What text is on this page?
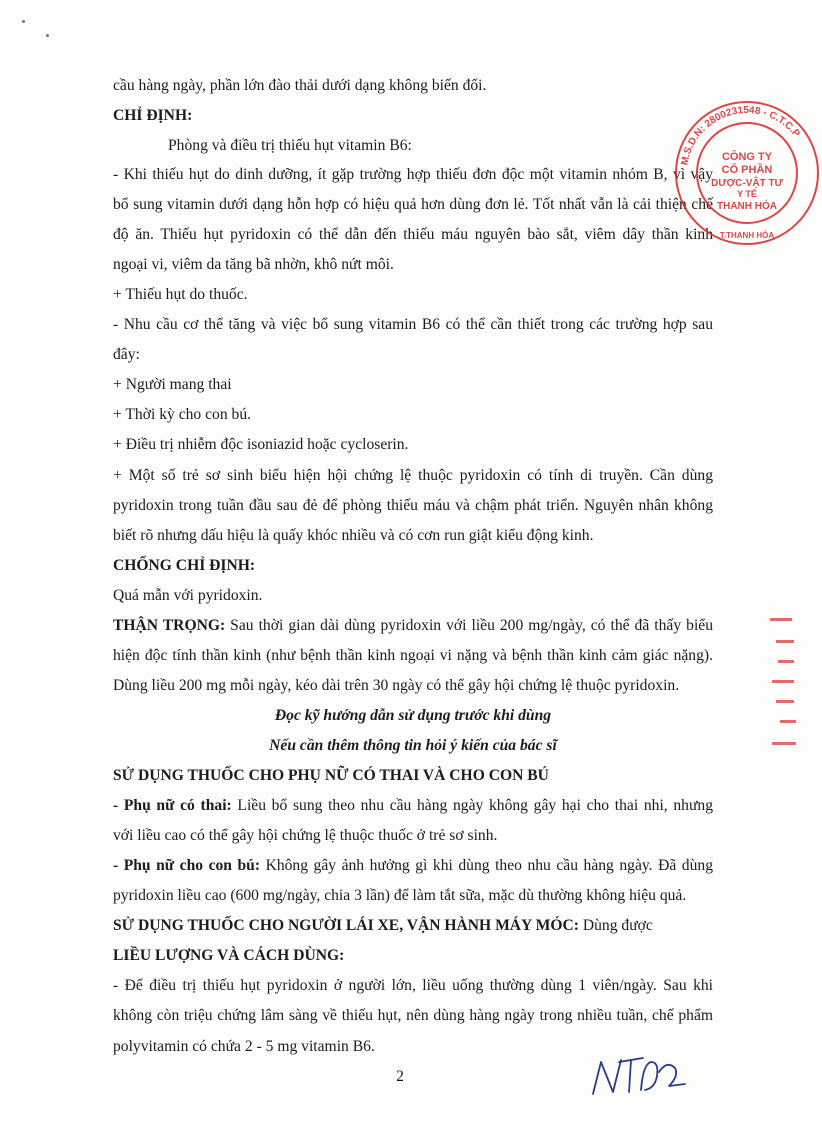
cầu hàng ngày, phần lớn đào thải dưới dạng không biến đổi.
CHỈ ĐỊNH:
Phòng và điều trị thiếu hụt vitamin B6:
- Khi thiếu hụt do dinh dưỡng, ít gặp trường hợp thiếu đơn độc một vitamin nhóm B, vì vậy
bổ sung vitamin dưới dạng hỗn hợp có hiệu quả hơn dùng đơn lẻ. Tốt nhất vẫn là cải thiện chế
độ ăn. Thiếu hụt pyridoxin có thể dẫn đến thiếu máu nguyên bào sắt, viêm dây thần kinh
ngoại vi, viêm da tăng bã nhờn, khô nứt môi.
+ Thiếu hụt do thuốc.
- Nhu cầu cơ thể tăng và việc bổ sung vitamin B6 có thể cần thiết trong các trường hợp sau
đây:
+ Người mang thai
+ Thời kỳ cho con bú.
+ Điều trị nhiễm độc isoniazid hoặc cycloserin.
+ Một số trẻ sơ sinh biểu hiện hội chứng lệ thuộc pyridoxin có tính di truyền. Cần dùng
pyridoxin trong tuần đầu sau đẻ để phòng thiếu máu và chậm phát triển. Nguyên nhân không
biết rõ nhưng dấu hiệu là quấy khóc nhiều và có cơn run giật kiểu động kinh.
CHỐNG CHỈ ĐỊNH:
Quá mẫn với pyridoxin.
THẬN TRỌNG: Sau thời gian dài dùng pyridoxin với liều 200 mg/ngày, có thể đã thấy biểu
hiện độc tính thần kinh (như bệnh thần kinh ngoại vi nặng và bệnh thần kinh cảm giác nặng).
Dùng liều 200 mg mỗi ngày, kéo dài trên 30 ngày có thể gây hội chứng lệ thuộc pyridoxin.
Đọc kỹ hướng dẫn sử dụng trước khi dùng
Nếu cần thêm thông tin hỏi ý kiến của bác sĩ
SỬ DỤNG THUỐC CHO PHỤ NỮ CÓ THAI VÀ CHO CON BÚ
- Phụ nữ có thai: Liều bổ sung theo nhu cầu hàng ngày không gây hại cho thai nhi, nhưng
với liều cao có thể gây hội chứng lệ thuộc thuốc ở trẻ sơ sinh.
- Phụ nữ cho con bú: Không gây ảnh hưởng gì khi dùng theo nhu cầu hàng ngày. Đã dùng
pyridoxin liều cao (600 mg/ngày, chia 3 lần) để làm tắt sữa, mặc dù thường không hiệu quả.
SỬ DỤNG THUỐC CHO NGƯỜI LÁI XE, VẬN HÀNH MÁY MÓC: Dùng được
LIỀU LƯỢNG VÀ CÁCH DÙNG:
- Để điều trị thiếu hụt pyridoxin ở người lớn, liều uống thường dùng 1 viên/ngày. Sau khi
không còn triệu chứng lâm sàng về thiếu hụt, nên dùng hàng ngày trong nhiều tuần, chế phẩm
polyvitamin có chứa 2 - 5 mg vitamin B6.
2
M.S.D.N: 2800231548 - C.T.C.P
CÔNG TY
CỔ PHẦN
DƯỢC-VẬT TƯ
Y TẾ
THANH HÓA
T.THANH HÓA
